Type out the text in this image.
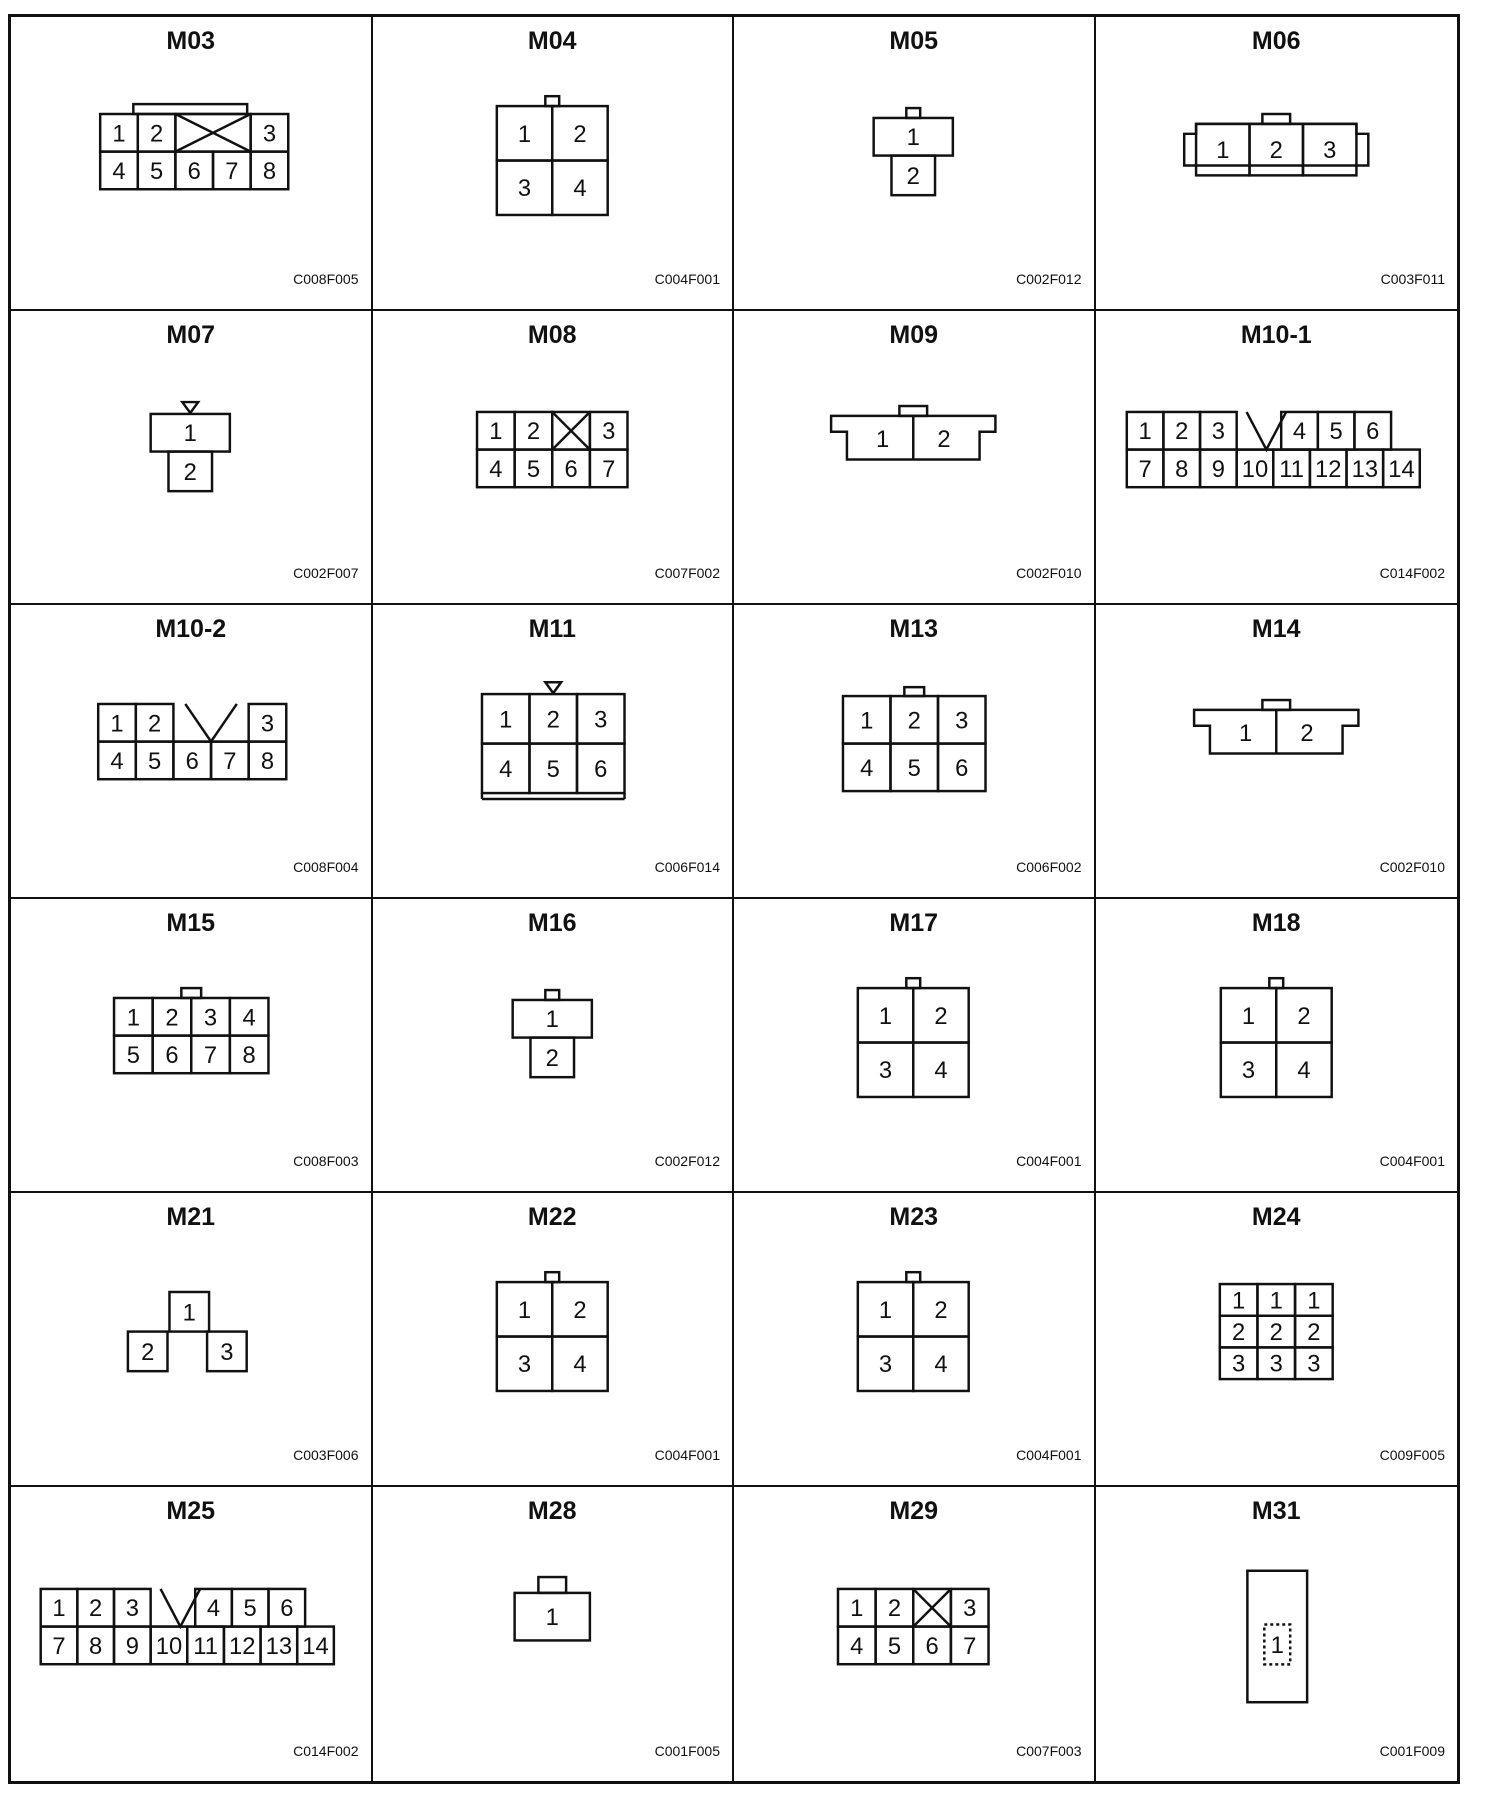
M03
1 2	3
4 5 6 7 8
C008F005
M04
1 2
3 4
C004F001
M05
1
2
C002F012
M06
1 2 3
C003F011
M07
1
2
C002F007
M08
1 2	3
4 5 6 7
C007F002
M09
1 2
C002F010
M10-1
1 2 3	4 5 6
7 8 9 10 11 12 13 14
C014F002
M10-2
1 2	3
4 5 6 7 8
C008F004
M11
1 2 3
4 5 6
C006F014
M13
1 2 3
4 5 6
C006F002
M14
1 2
C002F010
M15
1 2 3 4
5 6 7 8
C008F003
M16
1
2
C002F012
M17
1 2
3 4
C004F001
M18
1 2
3 4
C004F001
M21
1
2	3
C003F006
M22
1 2
3 4
C004F001
M23
1 2
3 4
C004F001
M24
1 1 1
2 2 2
3 3 3
C009F005
M25
1 2 3	4 5 6
7 8 9 10 11 12 13 14
C014F002
M28
1
C001F005
M29
1 2	3
4 5 6 7
C007F003
M31
1
C001F009
